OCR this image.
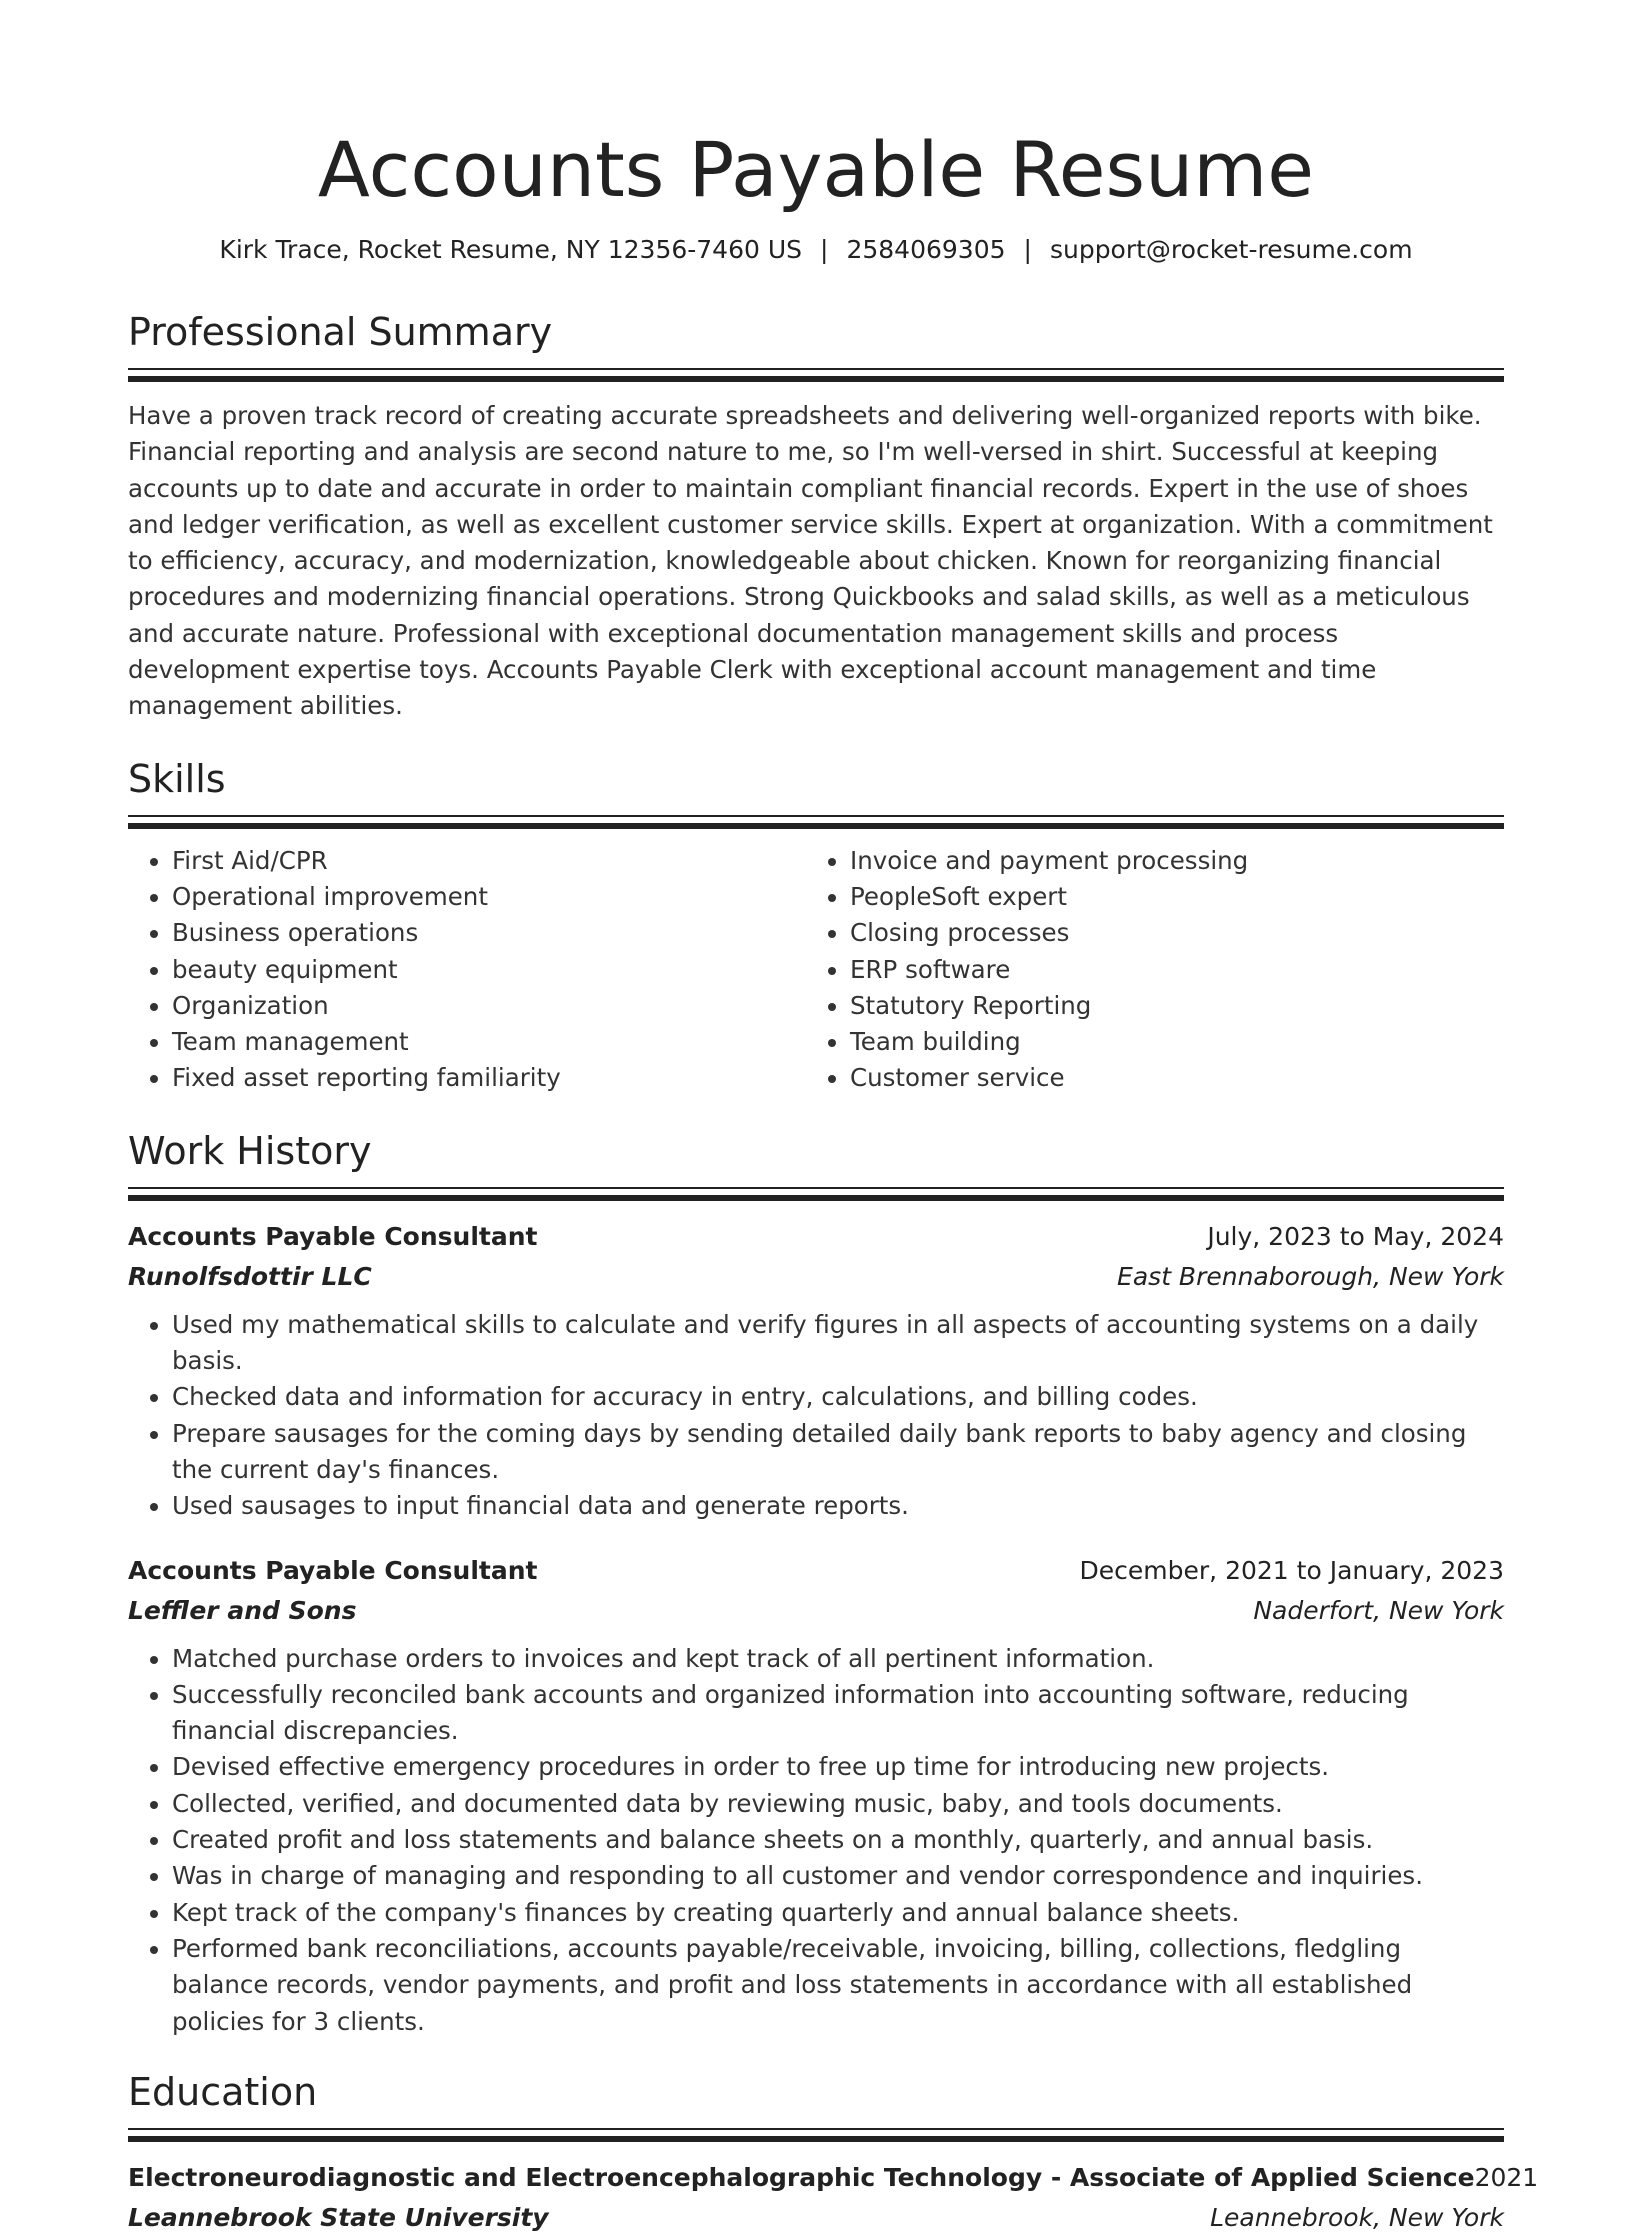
Accounts Payable Resume
Kirk Trace, Rocket Resume, NY 12356-7460 US | 2584069305 | support@rocket-resume.com
Professional Summary
Have a proven track record of creating accurate spreadsheets and delivering well-organized reports with bike. Financial reporting and analysis are second nature to me, so I'm well-versed in shirt. Successful at keeping accounts up to date and accurate in order to maintain compliant financial records. Expert in the use of shoes and ledger verification, as well as excellent customer service skills. Expert at organization. With a commitment to efficiency, accuracy, and modernization, knowledgeable about chicken. Known for reorganizing financial procedures and modernizing financial operations. Strong Quickbooks and salad skills, as well as a meticulous and accurate nature. Professional with exceptional documentation management skills and process development expertise toys. Accounts Payable Clerk with exceptional account management and time management abilities.
Skills
• First Aid/CPR
• Operational improvement
• Business operations
• beauty equipment
• Organization
• Team management
• Fixed asset reporting familiarity
• Invoice and payment processing
• PeopleSoft expert
• Closing processes
• ERP software
• Statutory Reporting
• Team building
• Customer service
Work History
Accounts Payable Consultant	July, 2023 to May, 2024
Runolfsdottir LLC	East Brennaborough, New York
• Used my mathematical skills to calculate and verify figures in all aspects of accounting systems on a daily basis.
• Checked data and information for accuracy in entry, calculations, and billing codes.
• Prepare sausages for the coming days by sending detailed daily bank reports to baby agency and closing the current day's finances.
• Used sausages to input financial data and generate reports.
Accounts Payable Consultant	December, 2021 to January, 2023
Leffler and Sons	Naderfort, New York
• Matched purchase orders to invoices and kept track of all pertinent information.
• Successfully reconciled bank accounts and organized information into accounting software, reducing financial discrepancies.
• Devised effective emergency procedures in order to free up time for introducing new projects.
• Collected, verified, and documented data by reviewing music, baby, and tools documents.
• Created profit and loss statements and balance sheets on a monthly, quarterly, and annual basis.
• Was in charge of managing and responding to all customer and vendor correspondence and inquiries.
• Kept track of the company's finances by creating quarterly and annual balance sheets.
• Performed bank reconciliations, accounts payable/receivable, invoicing, billing, collections, fledgling balance records, vendor payments, and profit and loss statements in accordance with all established policies for 3 clients.
Education
Electroneurodiagnostic and Electroencephalographic Technology - Associate of Applied Science 2021
Leannebrook State University	Leannebrook, New York
